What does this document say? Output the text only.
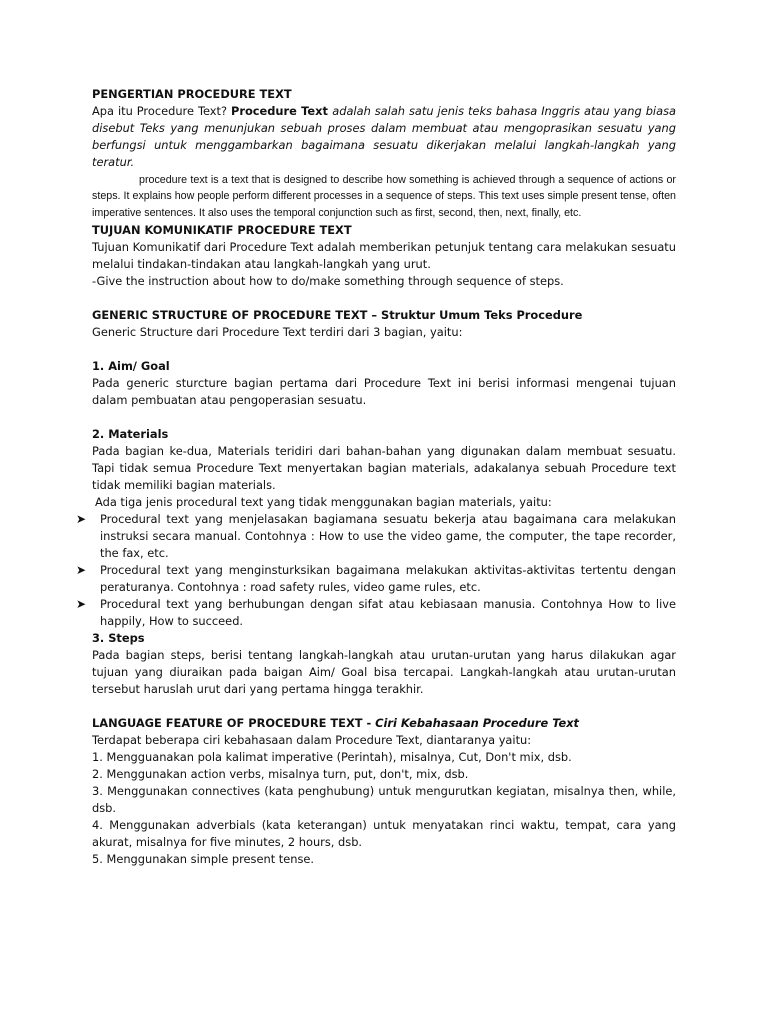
PENGERTIAN PROCEDURE TEXT

Apa itu Procedure Text? Procedure Text adalah salah satu jenis teks bahasa Inggris atau yang biasa disebut Teks yang menunjukan sebuah proses dalam membuat atau mengoprasikan sesuatu yang berfungsi untuk menggambarkan bagaimana sesuatu dikerjakan melalui langkah-langkah yang teratur.

procedure text is a text that is designed to describe how something is achieved through a sequence of actions or steps. It explains how people perform different processes in a sequence of steps. This text uses simple present tense, often imperative sentences. It also uses the temporal conjunction such as first, second, then, next, finally, etc.

TUJUAN KOMUNIKATIF PROCEDURE TEXT

Tujuan Komunikatif dari Procedure Text adalah memberikan petunjuk tentang cara melakukan sesuatu melalui tindakan-tindakan atau langkah-langkah yang urut.

-Give the instruction about how to do/make something through sequence of steps.

GENERIC STRUCTURE OF PROCEDURE TEXT – Struktur Umum Teks Procedure

Generic Structure dari Procedure Text terdiri dari 3 bagian, yaitu:

1. Aim/ Goal

Pada generic sturcture bagian pertama dari Procedure Text ini berisi informasi mengenai tujuan dalam pembuatan atau pengoperasian sesuatu.

2. Materials

Pada bagian ke-dua, Materials teridiri dari bahan-bahan yang digunakan dalam membuat sesuatu. Tapi tidak semua Procedure Text menyertakan bagian materials, adakalanya sebuah Procedure text tidak memiliki bagian materials.

Ada tiga jenis procedural text yang tidak menggunakan bagian materials, yaitu:

➤ Procedural text yang menjelasakan bagiamana sesuatu bekerja atau bagaimana cara melakukan instruksi secara manual. Contohnya : How to use the video game, the computer, the tape recorder, the fax, etc.
➤ Procedural text yang menginsturksikan bagaimana melakukan aktivitas-aktivitas tertentu dengan peraturanya. Contohnya : road safety rules, video game rules, etc.
➤ Procedural text yang berhubungan dengan sifat atau kebiasaan manusia. Contohnya How to live happily, How to succeed.

3. Steps

Pada bagian steps, berisi tentang langkah-langkah atau urutan-urutan yang harus dilakukan agar tujuan yang diuraikan pada baigan Aim/ Goal bisa tercapai. Langkah-langkah atau urutan-urutan tersebut haruslah urut dari yang pertama hingga terakhir.

LANGUAGE FEATURE OF PROCEDURE TEXT - Ciri Kebahasaan Procedure Text

Terdapat beberapa ciri kebahasaan dalam Procedure Text, diantaranya yaitu:

1. Mengguanakan pola kalimat imperative (Perintah), misalnya, Cut, Don't mix, dsb.

2. Menggunakan action verbs, misalnya turn, put, don't, mix, dsb.

3. Menggunakan connectives (kata penghubung) untuk mengurutkan kegiatan, misalnya then, while, dsb.

4. Menggunakan adverbials (kata keterangan) untuk menyatakan rinci waktu, tempat, cara yang akurat, misalnya for five minutes, 2 hours, dsb.

5. Menggunakan simple present tense.
